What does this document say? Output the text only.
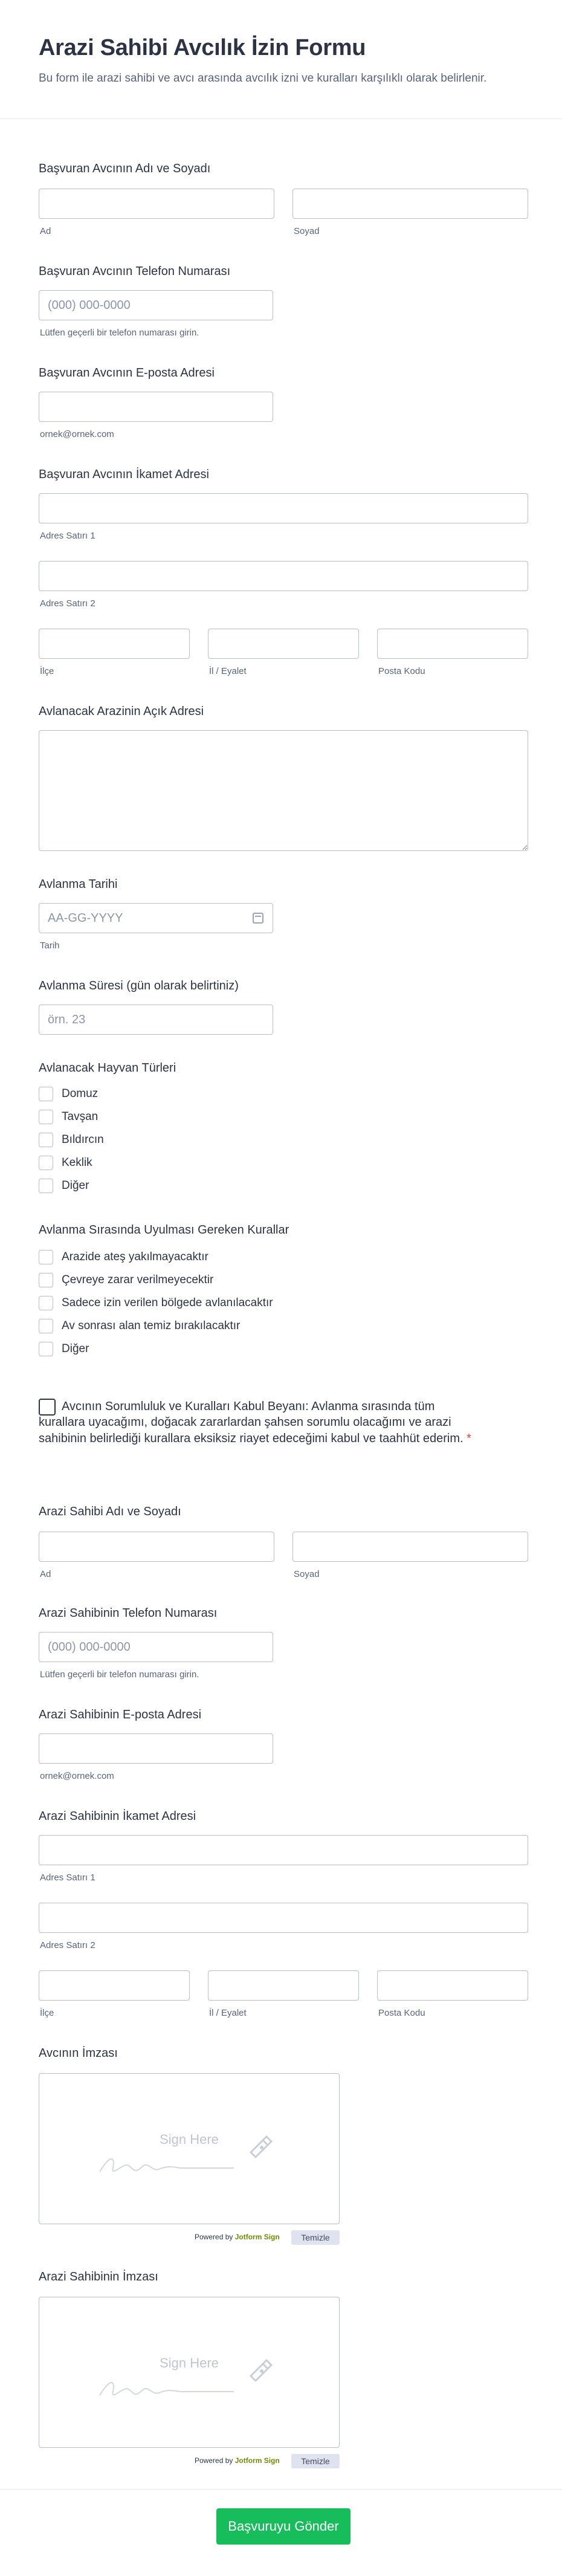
Arazi Sahibi Avcılık İzin Formu

Bu form ile arazi sahibi ve avcı arasında avcılık izni ve kuralları karşılıklı olarak belirlenir.

Başvuran Avcının Adı ve Soyadı
Ad	Soyad
Başvuran Avcının Telefon Numarası
(000) 000-0000
Lütfen geçerli bir telefon numarası girin.
Başvuran Avcının E-posta Adresi
ornek@ornek.com
Başvuran Avcının İkamet Adresi
Adres Satırı 1
Adres Satırı 2
İlçe	İl / Eyalet	Posta Kodu
Avlanacak Arazinin Açık Adresi
Avlanma Tarihi
AA-GG-YYYY
Tarih
Avlanma Süresi (gün olarak belirtiniz)
örn. 23
Avlanacak Hayvan Türleri
Domuz
Tavşan
Bıldırcın
Keklik
Diğer
Avlanma Sırasında Uyulması Gereken Kurallar
Arazide ateş yakılmayacaktır
Çevreye zarar verilmeyecektir
Sadece izin verilen bölgede avlanılacaktır
Av sonrası alan temiz bırakılacaktır
Diğer
Avcının Sorumluluk ve Kuralları Kabul Beyanı: Avlanma sırasında tüm kurallara uyacağımı, doğacak zararlardan şahsen sorumlu olacağımı ve arazi sahibinin belirlediği kurallara eksiksiz riayet edeceğimi kabul ve taahhüt ederim. *
Arazi Sahibi Adı ve Soyadı
Ad	Soyad
Arazi Sahibinin Telefon Numarası
(000) 000-0000
Lütfen geçerli bir telefon numarası girin.
Arazi Sahibinin E-posta Adresi
ornek@ornek.com
Arazi Sahibinin İkamet Adresi
Adres Satırı 1
Adres Satırı 2
İlçe	İl / Eyalet	Posta Kodu
Avcının İmzası
Sign Here
Powered by Jotform Sign	Temizle
Arazi Sahibinin İmzası
Sign Here
Powered by Jotform Sign	Temizle
Başvuruyu Gönder
